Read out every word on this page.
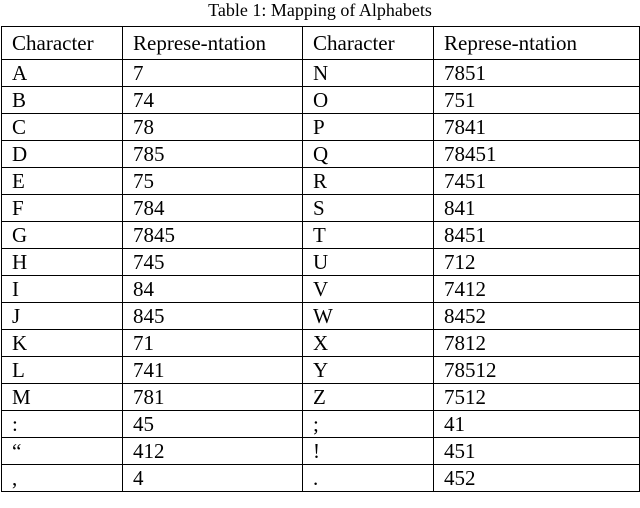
Table 1: Mapping of Alphabets
Character	Represe-ntation	Character	Represe-ntation
A	7	N	7851
B	74	O	751
C	78	P	7841
D	785	Q	78451
E	75	R	7451
F	784	S	841
G	7845	T	8451
H	745	U	712
I	84	V	7412
J	845	W	8452
K	71	X	7812
L	741	Y	78512
M	781	Z	7512
:	45	;	41
“	412	!	451
,	4	.	452
